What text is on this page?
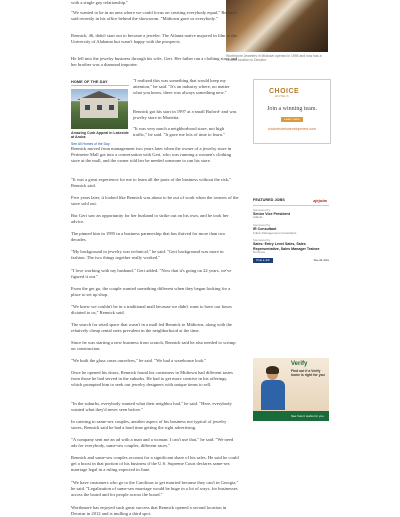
Worthmore Jewelers in Midtown opened in 1995 and now has a second location in Decatur.

with a single gay relationship."

"We wanted to be in an area where we could focus on creating everybody equal," Rennick said recently in his office behind the showroom. "Midtown gave us everybody."

Rennick, 46, didn't start out to become a jeweler. The Atlanta native majored in film at the University of Alabama but wasn't happy with the prospects.

He fell into the jewelry business through his wife, Geri. Her father ran a clothing store and her brother was a diamond importer.

HOME OF THE DAY
Amazing Curb Appeal in Lakeside at Aruba
See All Homes of the Day

"I realized this was something that would keep my attention," he said. "It's an industry where, no matter what you know, there was always something new."

Rennick got his start in 1997 at a small Buford- and was jewelry store in Marietta.

"It was very much a neighborhood store, not high traffic," he said. "It gave me lots of time to learn."

Rennick moved from management two years later when the owner of a jewelry store in Perimeter Mall got into a conversation with Geri, who was running a women's clothing store at the mall, and the owner told her he needed someone to run his store.

"It was a great experience for me to learn all the parts of the business without the risk," Rennick said.

Five years later, it looked like Rennick was about to be out of work when the owners of the store sold out.

But Geri saw an opportunity for her husband to strike out on his own, and he took her advice.

The pinned him in 1995 in a business partnership that has thrived for more than two decades.

"My background in jewelry was technical," he said. "Geri background was more in fashion. The two things together really worked."

"I love working with my husband," Geri added. "Now that it's going on 22 years, we've figured it out."

From the get go, the couple wanted something different when they began looking for a place to set up shop.

"We knew we couldn't be in a traditional mall because we didn't want to have our hours dictated to us," Rennick said.

The search for retail space that wasn't in a mall led Rennick to Midtown, along with the relatively cheap rental rates prevalent in the neighborhood at the time.

Since he was starting a new business from scratch, Rennick said he also needed to scrimp on construction.

"We built the glass cases ourselves," he said. "We had a warehouse look."

Once he opened his doors, Rennick found his customers in Midtown had different tastes from those he had served in the suburbs. He had to get more creative in his offerings, which prompted him to seek out jewelry designers with unique items to sell.

"In the suburbs, everybody wanted what their neighbor had," he said. "Here, everybody wanted what they'd never seen before."

In catering to same-sex couples, another aspect of his business not typical of jewelry stores, Rennick said he had a hard time getting the right advertising.

"A company sent me an ad with a man and a woman. I can't use that," he said. "We need ads for everybody, same-sex couples, different races."

Rennick and same-sex couples account for a significant share of his sales. He said he could get a boost in that portion of his business if the U.S. Supreme Court declares same-sex marriage legal in a ruling expected in June.

"We have customers who go to the Carolinas to get married because they can't in Georgia," he said. "Legalization of same-sex marriage would be huge in a lot of ways, for businesses across the board and for people across the board."

Worthmore has enjoyed such great success that Rennick opened a second location in Decatur in 2012 and is mulling a third spot.

CHOICE
HOTELS
Join a winning team.
Learn more
choicehotelsdevelopment.com
FEATURED JOBS	ajcjobs
Sponsored by
Senior Vice President
Atlanta
Sponsored by
IR Consultant
Fulton Management Consultants
Sponsored by
Sales: Entry Level Sales, Sales Representative, Sales Manager Trainee
Norcross
Post a Job	See All Jobs
Verify
Find out if a Verify home is right for you
See how it works for you
